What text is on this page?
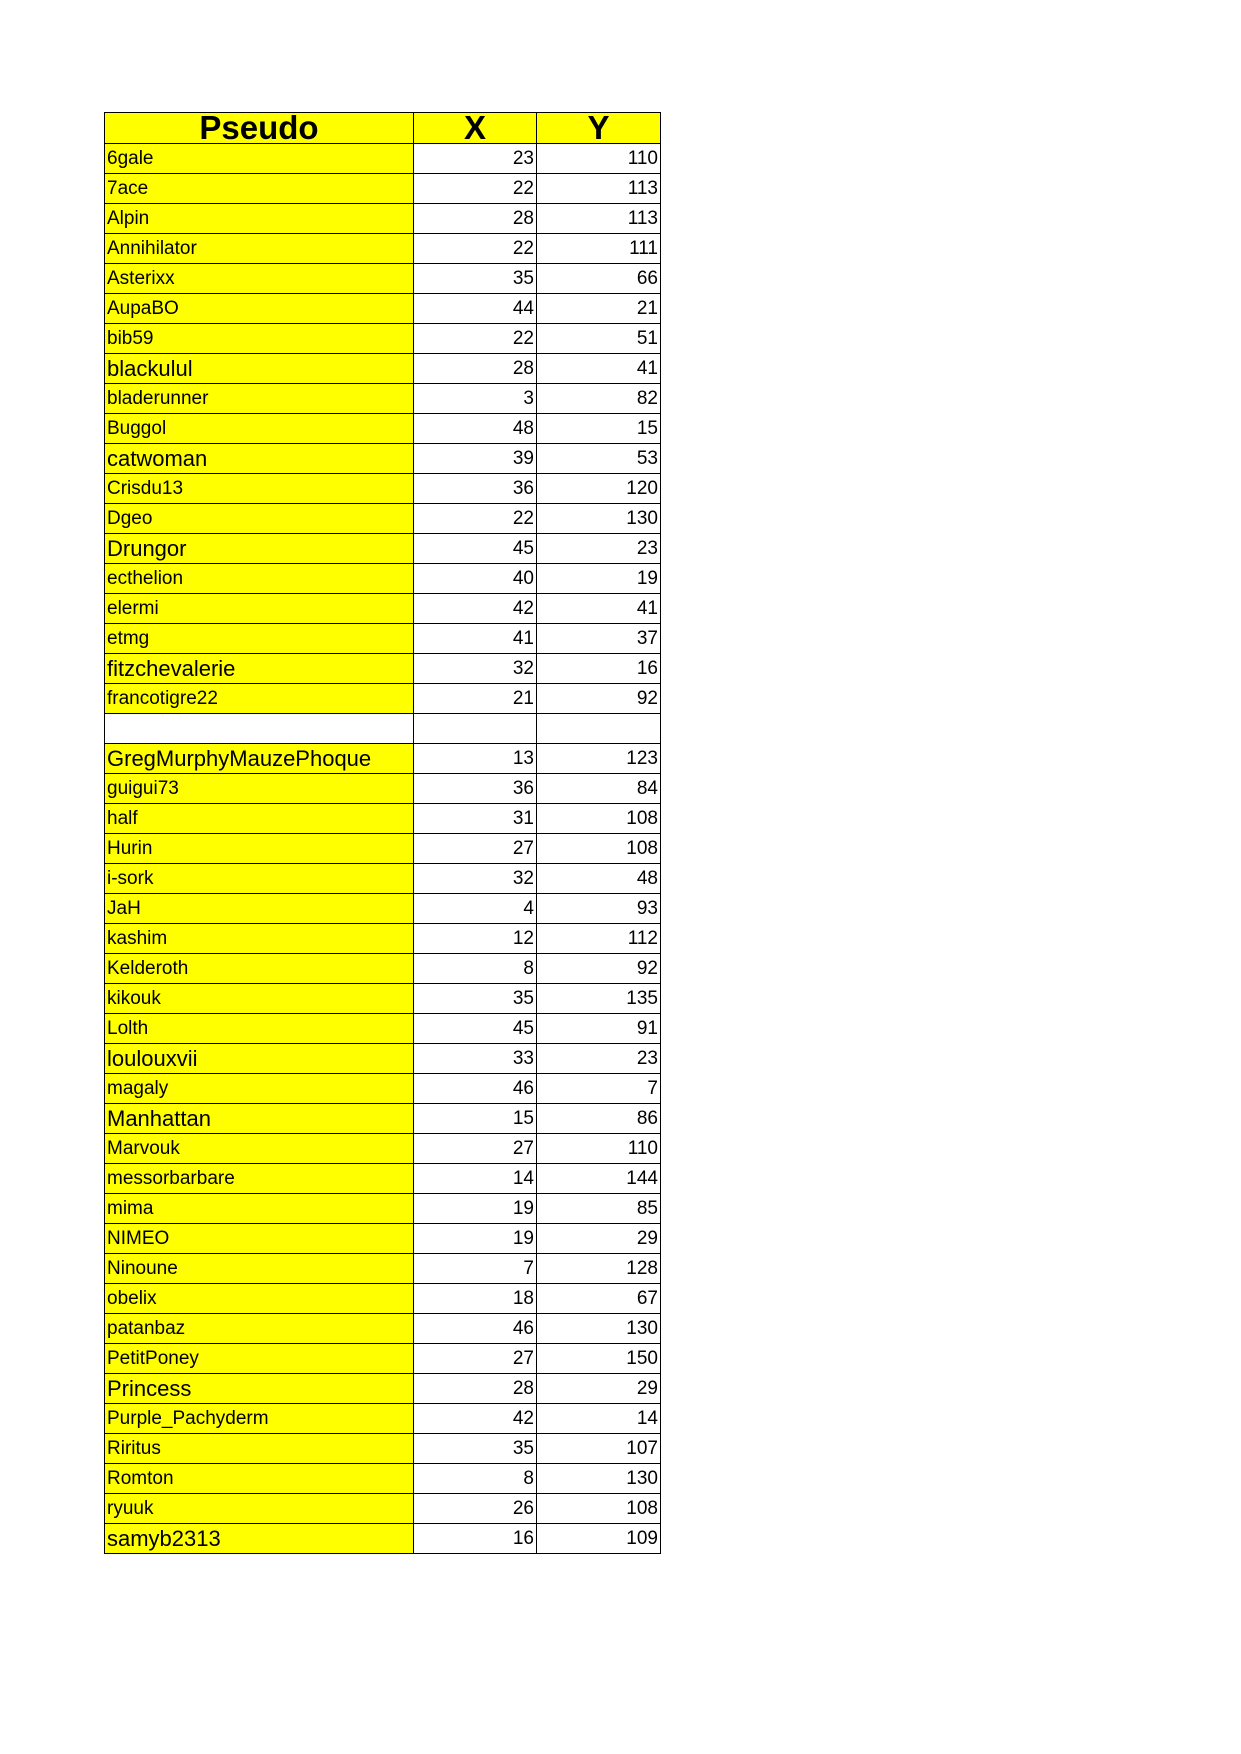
Pseudo	X	Y
6gale	23	110
7ace	22	113
Alpin	28	113
Annihilator	22	111
Asterixx	35	66
AupaBO	44	21
bib59	22	51
blackulul	28	41
bladerunner	3	82
Buggol	48	15
catwoman	39	53
Crisdu13	36	120
Dgeo	22	130
Drungor	45	23
ecthelion	40	19
elermi	42	41
etmg	41	37
fitzchevalerie	32	16
francotigre22	21	92

GregMurphyMauzePhoque	13	123
guigui73	36	84
half	31	108
Hurin	27	108
i-sork	32	48
JaH	4	93
kashim	12	112
Kelderoth	8	92
kikouk	35	135
Lolth	45	91
loulouxvii	33	23
magaly	46	7
Manhattan	15	86
Marvouk	27	110
messorbarbare	14	144
mima	19	85
NIMEO	19	29
Ninoune	7	128
obelix	18	67
patanbaz	46	130
PetitPoney	27	150
Princess	28	29
Purple_Pachyderm	42	14
Riritus	35	107
Romton	8	130
ryuuk	26	108
samyb2313	16	109
